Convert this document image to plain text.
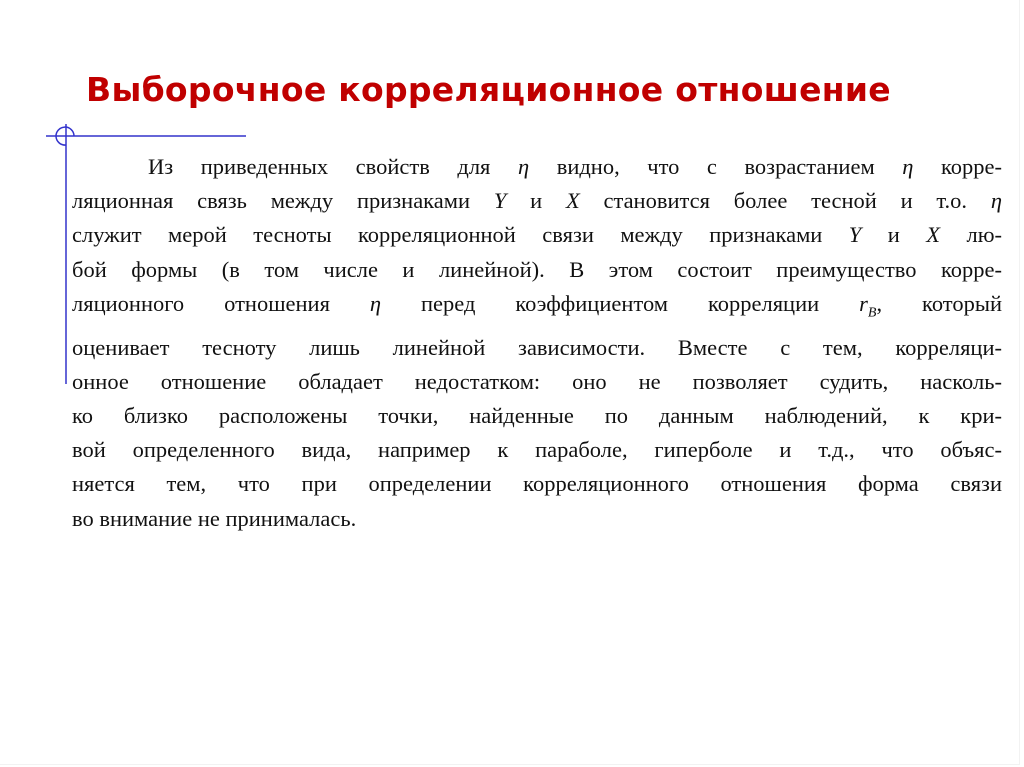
Выборочное корреляционное отношение
Из приведенных свойств для η видно, что с возрастанием η корре-
ляционная связь между признаками Y и X становится более тесной и т.о. η
служит мерой тесноты корреляционной связи между признаками Y и X лю-
бой формы (в том числе и линейной). В этом состоит преимущество корре-
ляционного отношения η перед коэффициентом корреляции $r_B$, который
оценивает тесноту лишь линейной зависимости. Вместе с тем, корреляци-
онное отношение обладает недостатком: оно не позволяет судить, насколь-
ко близко расположены точки, найденные по данным наблюдений, к кри-
вой определенного вида, например к параболе, гиперболе и т.д., что объяс-
няется тем, что при определении корреляционного отношения форма связи
во внимание не принималась.
